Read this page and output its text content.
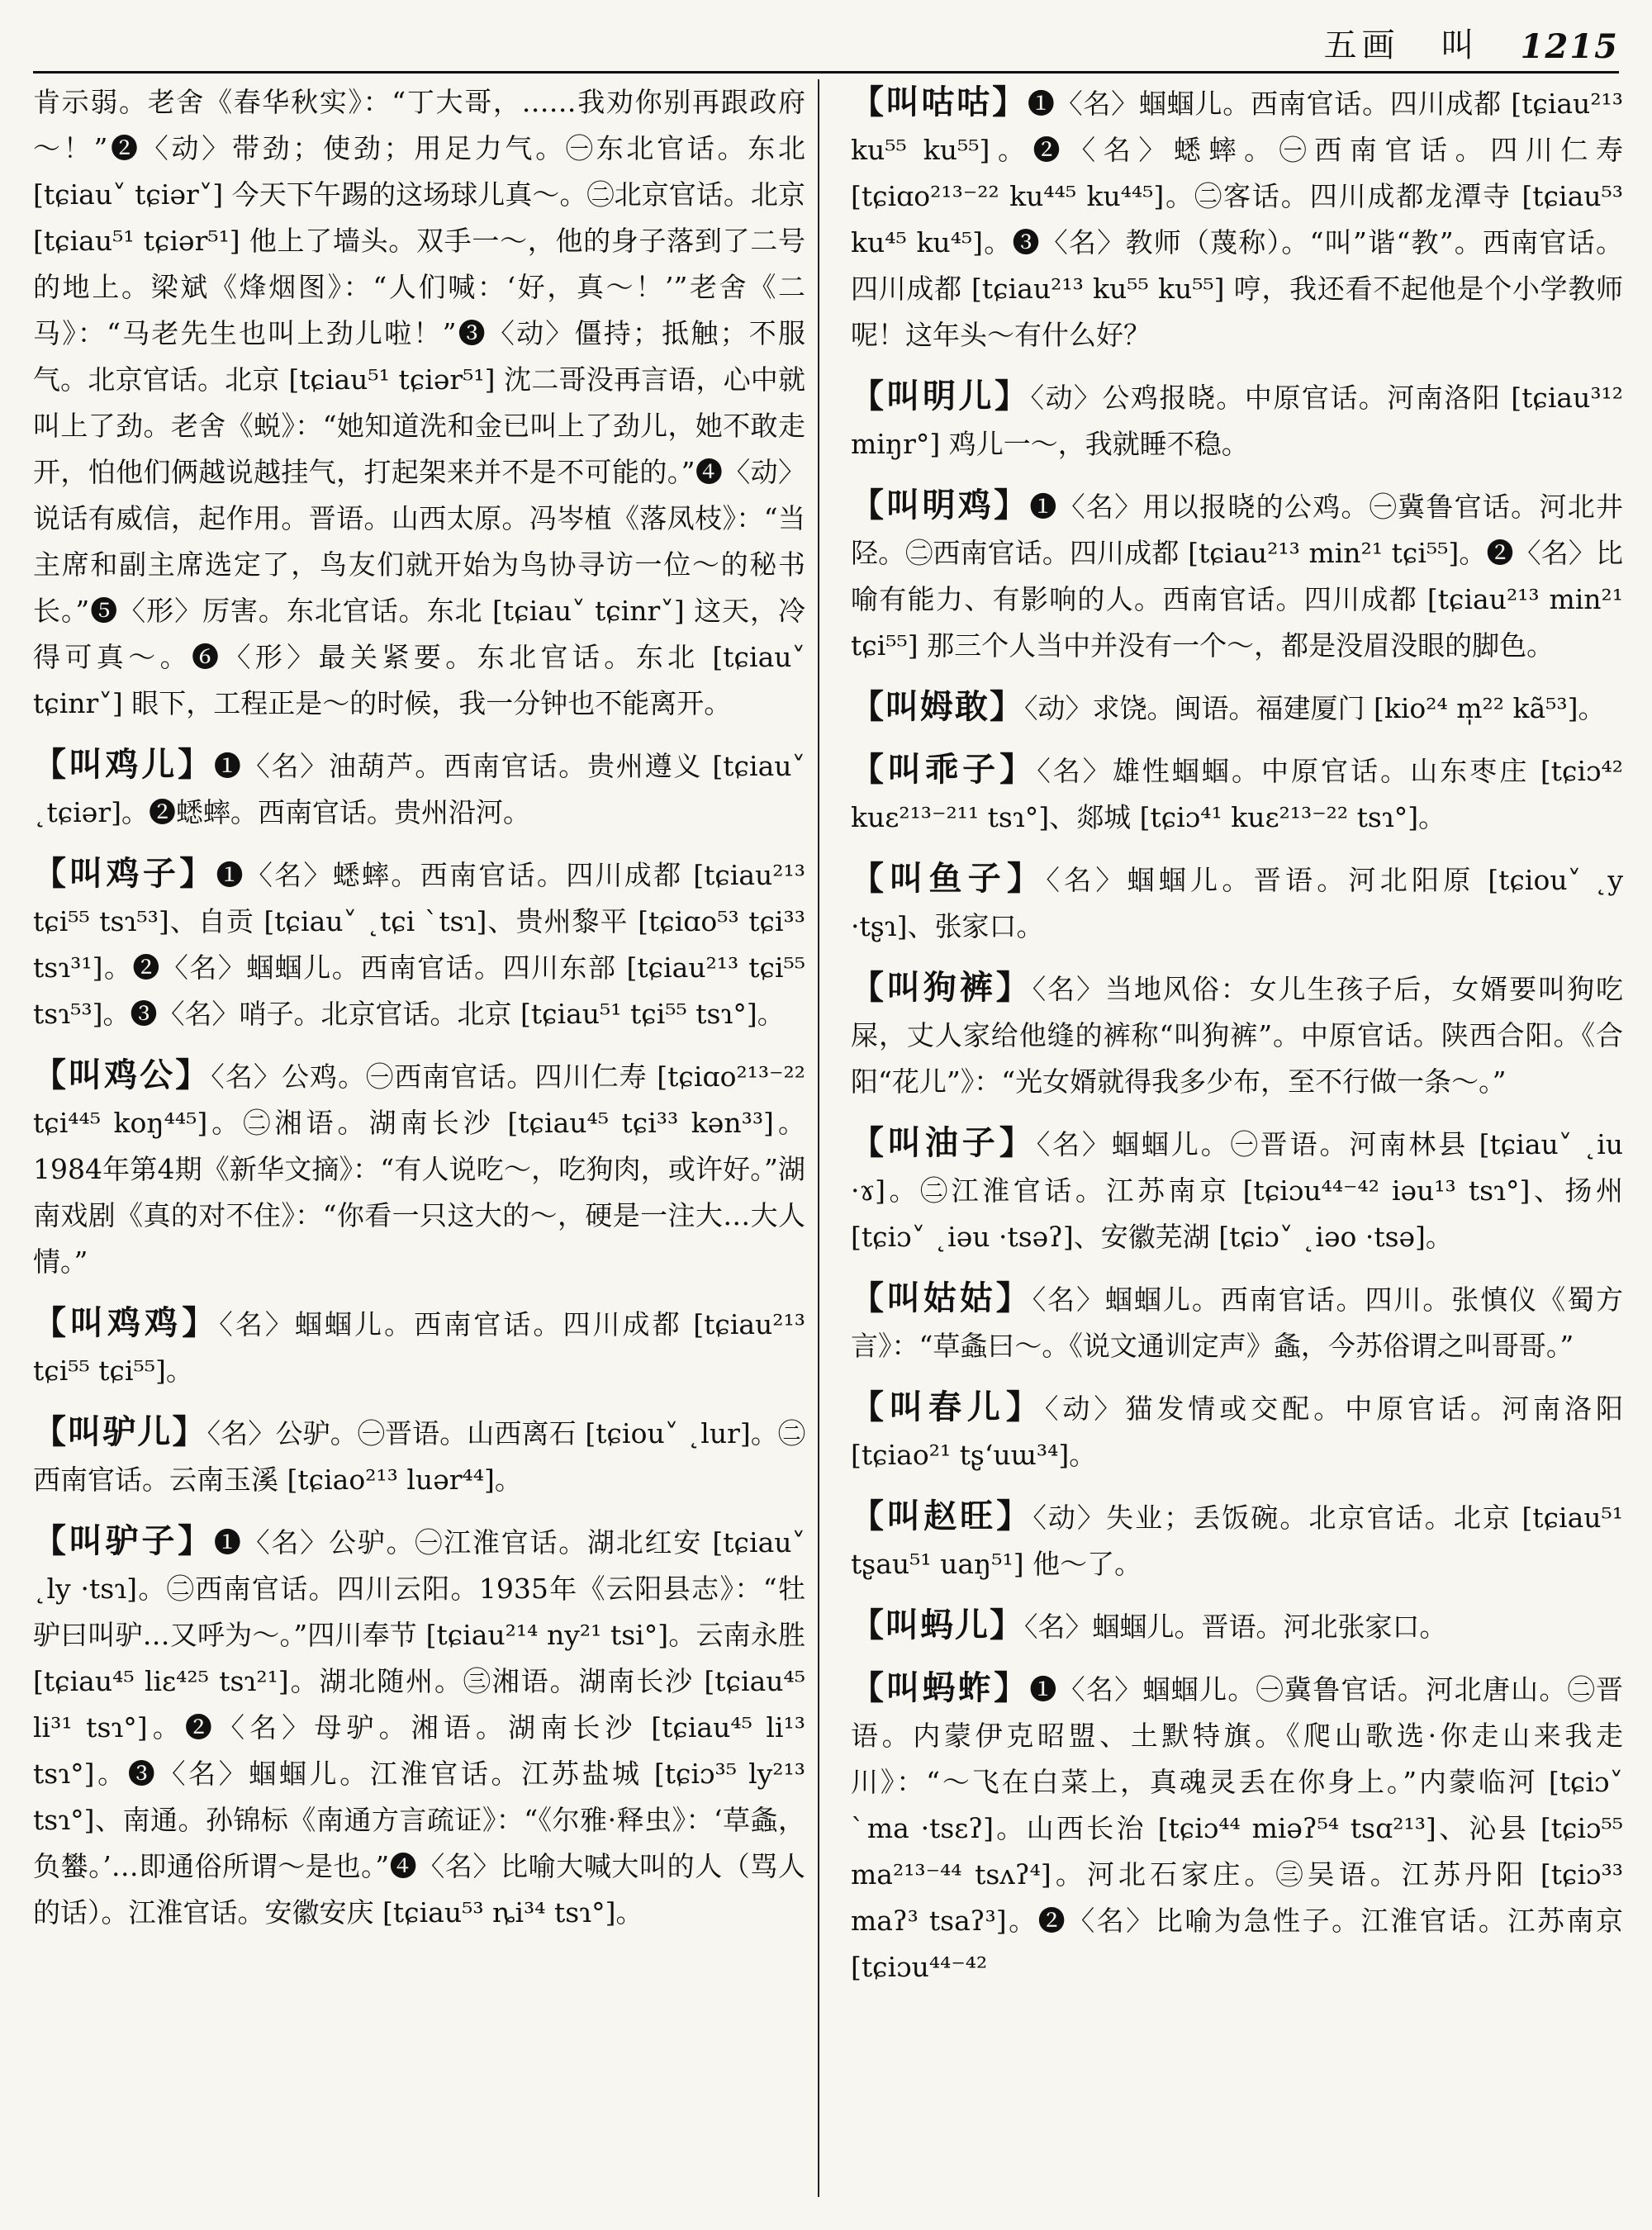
五画 叫 1215

肯示弱。老舍《春华秋实》：“丁大哥，……我劝你别再跟政府～！”❷〈动〉带劲；使劲；用足力气。㊀东北官话。东北 [tɕiau˅ tɕiər˅] 今天下午踢的这场球儿真～。㊁北京官话。北京 [tɕiau⁵¹ tɕiər⁵¹] 他上了墙头。双手一～，他的身子落到了二号的地上。梁斌《烽烟图》：“人们喊：‘好，真～！’”老舍《二马》：“马老先生也叫上劲儿啦！”❸〈动〉僵持；抵触；不服气。北京官话。北京 [tɕiau⁵¹ tɕiər⁵¹] 沈二哥没再言语，心中就叫上了劲。老舍《蜕》：“她知道洗和金已叫上了劲儿，她不敢走开，怕他们俩越说越挂气，打起架来并不是不可能的。”❹〈动〉说话有威信，起作用。晋语。山西太原。冯岑植《落凤枝》：“当主席和副主席选定了，鸟友们就开始为鸟协寻访一位～的秘书长。”❺〈形〉厉害。东北官话。东北 [tɕiau˅ tɕinr˅] 这天，冷得可真～。❻〈形〉最关紧要。东北官话。东北 [tɕiau˅ tɕinr˅] 眼下，工程正是～的时候，我一分钟也不能离开。

【叫鸡儿】❶〈名〉油葫芦。西南官话。贵州遵义 [tɕiau˅ ˛tɕiər]。❷蟋蟀。西南官话。贵州沿河。
【叫鸡子】❶〈名〉蟋蟀。西南官话。四川成都 [tɕiau²¹³ tɕi⁵⁵ tsɿ⁵³]、自贡 [tɕiau˅ ˛tɕi ˋtsɿ]、贵州黎平 [tɕiɑo⁵³ tɕi³³ tsɿ³¹]。❷〈名〉蝈蝈儿。西南官话。四川东部 [tɕiau²¹³ tɕi⁵⁵ tsɿ⁵³]。❸〈名〉哨子。北京官话。北京 [tɕiau⁵¹ tɕi⁵⁵ tsɿ°]。
【叫鸡公】〈名〉公鸡。㊀西南官话。四川仁寿 [tɕiɑo²¹³⁻²² tɕi⁴⁴⁵ koŋ⁴⁴⁵]。㊁湘语。湖南长沙 [tɕiau⁴⁵ tɕi³³ kən³³]。1984年第4期《新华文摘》：“有人说吃～，吃狗肉，或许好。”湖南戏剧《真的对不住》：“你看一只这大的～，硬是一注大…大人情。”
【叫鸡鸡】〈名〉蝈蝈儿。西南官话。四川成都 [tɕiau²¹³ tɕi⁵⁵ tɕi⁵⁵]。
【叫驴儿】〈名〉公驴。㊀晋语。山西离石 [tɕiou˅ ˛lur]。㊁西南官话。云南玉溪 [tɕiao²¹³ luər⁴⁴]。
【叫驴子】❶〈名〉公驴。㊀江淮官话。湖北红安 [tɕiau˅ ˛ly ·tsɿ]。㊁西南官话。四川云阳。1935年《云阳县志》：“牡驴曰叫驴…又呼为～。”四川奉节 [tɕiau²¹⁴ ny²¹ tsi°]。云南永胜 [tɕiau⁴⁵ liɛ⁴²⁵ tsɿ²¹]。湖北随州。㊂湘语。湖南长沙 [tɕiau⁴⁵ li³¹ tsɿ°]。❷〈名〉母驴。湘语。湖南长沙 [tɕiau⁴⁵ li¹³ tsɿ°]。❸〈名〉蝈蝈儿。江淮官话。江苏盐城 [tɕiɔ³⁵ ly²¹³ tsɿ°]、南通。孙锦标《南通方言疏证》：“《尔雅·释虫》：‘草螽，负蠜。’…即通俗所谓～是也。”❹〈名〉比喻大喊大叫的人（骂人的话）。江淮官话。安徽安庆 [tɕiau⁵³ ȵi³⁴ tsɿ°]。
【叫咕咕】❶〈名〉蝈蝈儿。西南官话。四川成都 [tɕiau²¹³ ku⁵⁵ ku⁵⁵]。❷〈名〉蟋蟀。㊀西南官话。四川仁寿 [tɕiɑo²¹³⁻²² ku⁴⁴⁵ ku⁴⁴⁵]。㊁客话。四川成都龙潭寺 [tɕiau⁵³ ku⁴⁵ ku⁴⁵]。❸〈名〉教师（蔑称）。“叫”谐“教”。西南官话。四川成都 [tɕiau²¹³ ku⁵⁵ ku⁵⁵] 哼，我还看不起他是个小学教师呢！这年头～有什么好？
【叫明儿】〈动〉公鸡报晓。中原官话。河南洛阳 [tɕiau³¹² miŋr°] 鸡儿一～，我就睡不稳。
【叫明鸡】❶〈名〉用以报晓的公鸡。㊀冀鲁官话。河北井陉。㊁西南官话。四川成都 [tɕiau²¹³ min²¹ tɕi⁵⁵]。❷〈名〉比喻有能力、有影响的人。西南官话。四川成都 [tɕiau²¹³ min²¹ tɕi⁵⁵] 那三个人当中并没有一个～，都是没眉没眼的脚色。
【叫姆敢】〈动〉求饶。闽语。福建厦门 [kio²⁴ m̩²² kã⁵³]。
【叫乖子】〈名〉雄性蝈蝈。中原官话。山东枣庄 [tɕiɔ⁴² kuɛ²¹³⁻²¹¹ tsɿ°]、郯城 [tɕiɔ⁴¹ kuɛ²¹³⁻²² tsɿ°]。
【叫鱼子】〈名〉蝈蝈儿。晋语。河北阳原 [tɕiou˅ ˛y ·tʂɿ]、张家口。
【叫狗裤】〈名〉当地风俗：女儿生孩子后，女婿要叫狗吃屎，丈人家给他缝的裤称“叫狗裤”。中原官话。陕西合阳。《合阳“花儿”》：“光女婿就得我多少布，至不行做一条～。”
【叫油子】〈名〉蝈蝈儿。㊀晋语。河南林县 [tɕiau˅ ˛iu ·ɤ]。㊁江淮官话。江苏南京 [tɕiɔu⁴⁴⁻⁴² iəu¹³ tsɿ°]、扬州 [tɕiɔ˅ ˛iəu ·tsəʔ]、安徽芜湖 [tɕiɔ˅ ˛iəo ·tsə]。
【叫姑姑】〈名〉蝈蝈儿。西南官话。四川。张慎仪《蜀方言》：“草螽曰～。《说文通训定声》螽，今苏俗谓之叫哥哥。”
【叫春儿】〈动〉猫发情或交配。中原官话。河南洛阳 [tɕiao²¹ tʂʻuɯ³⁴]。
【叫赵旺】〈动〉失业；丢饭碗。北京官话。北京 [tɕiau⁵¹ tʂau⁵¹ uaŋ⁵¹] 他～了。
【叫蚂儿】〈名〉蝈蝈儿。晋语。河北张家口。
【叫蚂蚱】❶〈名〉蝈蝈儿。㊀冀鲁官话。河北唐山。㊁晋语。内蒙伊克昭盟、土默特旗。《爬山歌选·你走山来我走川》：“～飞在白菜上，真魂灵丢在你身上。”内蒙临河 [tɕiɔ˅ ˋma ·tsɛʔ]。山西长治 [tɕiɔ⁴⁴ miəʔ⁵⁴ tsɑ²¹³]、沁县 [tɕiɔ⁵⁵ ma²¹³⁻⁴⁴ tsʌʔ⁴]。河北石家庄。㊂吴语。江苏丹阳 [tɕiɔ³³ maʔ³ tsaʔ³]。❷〈名〉比喻为急性子。江淮官话。江苏南京 [tɕiɔu⁴⁴⁻⁴²
